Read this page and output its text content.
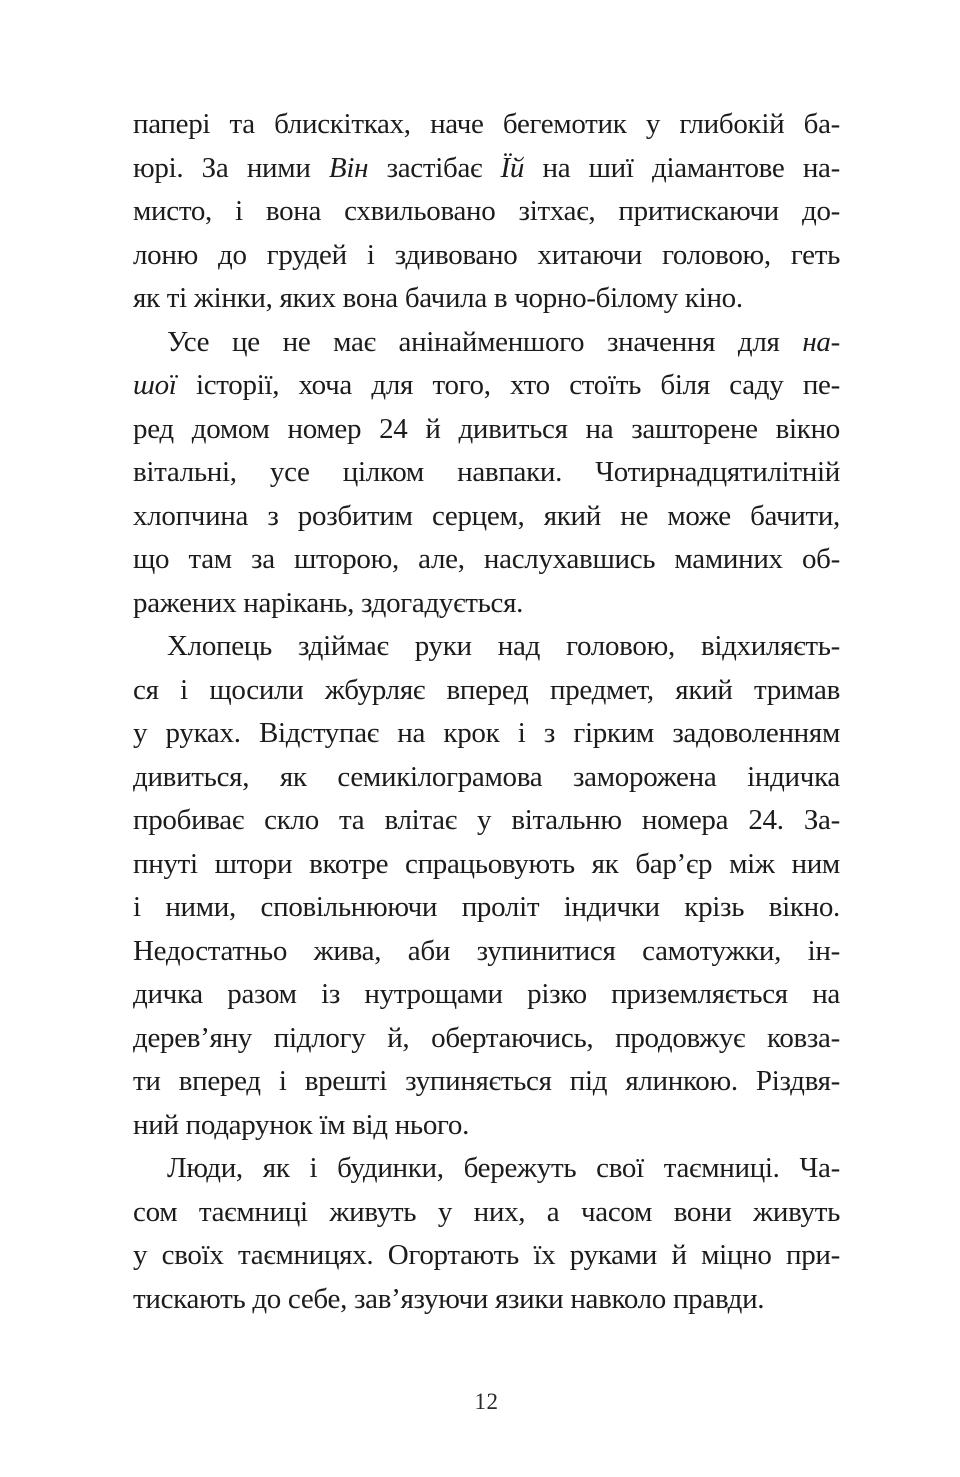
папері та блискітках, наче бегемотик у глибокій ба-
юрі. За ними Він застібає Їй на шиї діамантове на-
мисто, і вона схвильовано зітхає, притискаючи до-
лоню до грудей і здивовано хитаючи головою, геть
як ті жінки, яких вона бачила в чорно-білому кіно.
Усе це не має анінайменшого значення для на-
шої історії, хоча для того, хто стоїть біля саду пе-
ред домом номер 24 й дивиться на зашторене вікно
вітальні, усе цілком навпаки. Чотирнадцятилітній
хлопчина з розбитим серцем, який не може бачити,
що там за шторою, але, наслухавшись маминих об-
ражених нарікань, здогадується.
Хлопець здіймає руки над головою, відхиляєть-
ся і щосили жбурляє вперед предмет, який тримав
у руках. Відступає на крок і з гірким задоволенням
дивиться, як семикілограмова заморожена індичка
пробиває скло та влітає у вітальню номера 24. За-
пнуті штори вкотре спрацьовують як бар’єр між ним
і ними, сповільнюючи проліт індички крізь вікно.
Недостатньо жива, аби зупинитися самотужки, ін-
дичка разом із нутрощами різко приземляється на
дерев’яну підлогу й, обертаючись, продовжує ковза-
ти вперед і врешті зупиняється під ялинкою. Різдвя-
ний подарунок їм від нього.
Люди, як і будинки, бережуть свої таємниці. Ча-
сом таємниці живуть у них, а часом вони живуть
у своїх таємницях. Огортають їх руками й міцно при-
тискають до себе, зав’язуючи язики навколо правди.
12
